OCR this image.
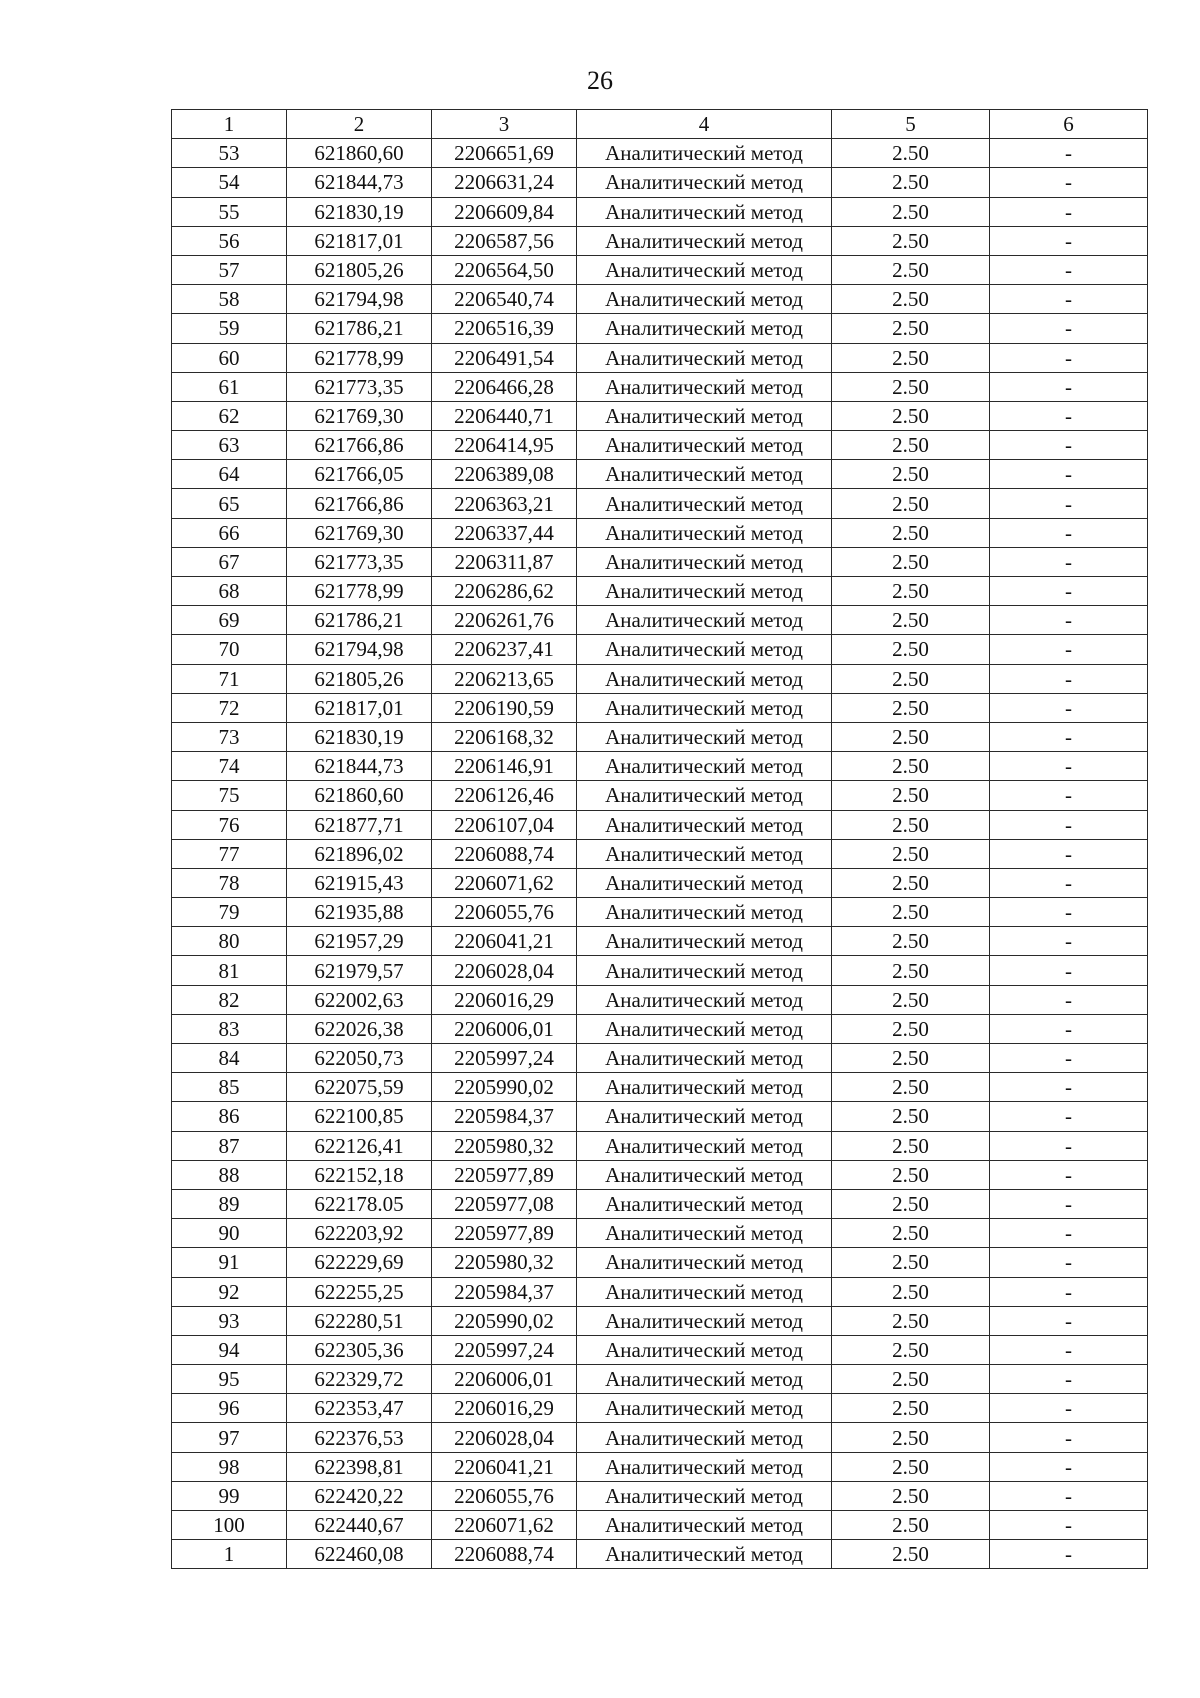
26
1	2	3	4	5	6
53	621860,60	2206651,69	Аналитический метод	2.50	-
54	621844,73	2206631,24	Аналитический метод	2.50	-
55	621830,19	2206609,84	Аналитический метод	2.50	-
56	621817,01	2206587,56	Аналитический метод	2.50	-
57	621805,26	2206564,50	Аналитический метод	2.50	-
58	621794,98	2206540,74	Аналитический метод	2.50	-
59	621786,21	2206516,39	Аналитический метод	2.50	-
60	621778,99	2206491,54	Аналитический метод	2.50	-
61	621773,35	2206466,28	Аналитический метод	2.50	-
62	621769,30	2206440,71	Аналитический метод	2.50	-
63	621766,86	2206414,95	Аналитический метод	2.50	-
64	621766,05	2206389,08	Аналитический метод	2.50	-
65	621766,86	2206363,21	Аналитический метод	2.50	-
66	621769,30	2206337,44	Аналитический метод	2.50	-
67	621773,35	2206311,87	Аналитический метод	2.50	-
68	621778,99	2206286,62	Аналитический метод	2.50	-
69	621786,21	2206261,76	Аналитический метод	2.50	-
70	621794,98	2206237,41	Аналитический метод	2.50	-
71	621805,26	2206213,65	Аналитический метод	2.50	-
72	621817,01	2206190,59	Аналитический метод	2.50	-
73	621830,19	2206168,32	Аналитический метод	2.50	-
74	621844,73	2206146,91	Аналитический метод	2.50	-
75	621860,60	2206126,46	Аналитический метод	2.50	-
76	621877,71	2206107,04	Аналитический метод	2.50	-
77	621896,02	2206088,74	Аналитический метод	2.50	-
78	621915,43	2206071,62	Аналитический метод	2.50	-
79	621935,88	2206055,76	Аналитический метод	2.50	-
80	621957,29	2206041,21	Аналитический метод	2.50	-
81	621979,57	2206028,04	Аналитический метод	2.50	-
82	622002,63	2206016,29	Аналитический метод	2.50	-
83	622026,38	2206006,01	Аналитический метод	2.50	-
84	622050,73	2205997,24	Аналитический метод	2.50	-
85	622075,59	2205990,02	Аналитический метод	2.50	-
86	622100,85	2205984,37	Аналитический метод	2.50	-
87	622126,41	2205980,32	Аналитический метод	2.50	-
88	622152,18	2205977,89	Аналитический метод	2.50	-
89	622178.05	2205977,08	Аналитический метод	2.50	-
90	622203,92	2205977,89	Аналитический метод	2.50	-
91	622229,69	2205980,32	Аналитический метод	2.50	-
92	622255,25	2205984,37	Аналитический метод	2.50	-
93	622280,51	2205990,02	Аналитический метод	2.50	-
94	622305,36	2205997,24	Аналитический метод	2.50	-
95	622329,72	2206006,01	Аналитический метод	2.50	-
96	622353,47	2206016,29	Аналитический метод	2.50	-
97	622376,53	2206028,04	Аналитический метод	2.50	-
98	622398,81	2206041,21	Аналитический метод	2.50	-
99	622420,22	2206055,76	Аналитический метод	2.50	-
100	622440,67	2206071,62	Аналитический метод	2.50	-
1	622460,08	2206088,74	Аналитический метод	2.50	-
